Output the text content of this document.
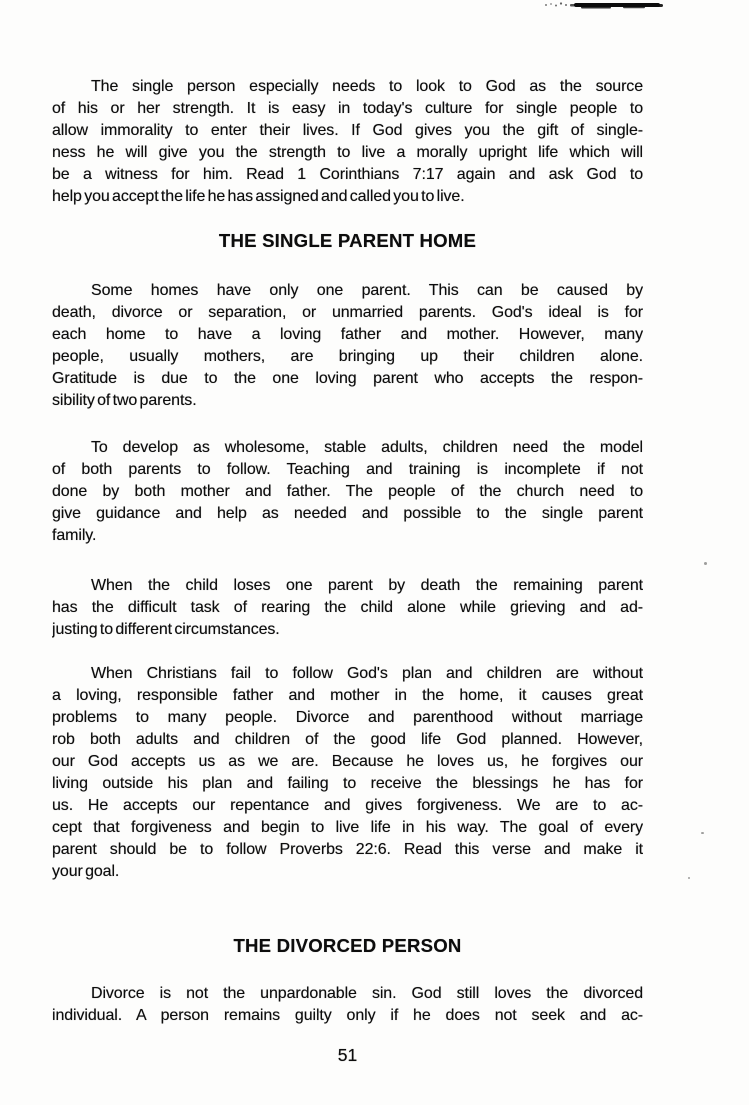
The single person especially needs to look to God as the source
of his or her strength. It is easy in today's culture for single people to
allow immorality to enter their lives. If God gives you the gift of single-
ness he will give you the strength to live a morally upright life which will
be a witness for him. Read 1 Corinthians 7:17 again and ask God to
help you accept the life he has assigned and called you to live.
THE SINGLE PARENT HOME
Some homes have only one parent. This can be caused by
death, divorce or separation, or unmarried parents. God's ideal is for
each home to have a loving father and mother. However, many
people, usually mothers, are bringing up their children alone.
Gratitude is due to the one loving parent who accepts the respon-
sibility of two parents.
To develop as wholesome, stable adults, children need the model
of both parents to follow. Teaching and training is incomplete if not
done by both mother and father. The people of the church need to
give guidance and help as needed and possible to the single parent
family.
When the child loses one parent by death the remaining parent
has the difficult task of rearing the child alone while grieving and ad-
justing to different circumstances.
When Christians fail to follow God's plan and children are without
a loving, responsible father and mother in the home, it causes great
problems to many people. Divorce and parenthood without marriage
rob both adults and children of the good life God planned. However,
our God accepts us as we are. Because he loves us, he forgives our
living outside his plan and failing to receive the blessings he has for
us. He accepts our repentance and gives forgiveness. We are to ac-
cept that forgiveness and begin to live life in his way. The goal of every
parent should be to follow Proverbs 22:6. Read this verse and make it
your goal.
THE DIVORCED PERSON
Divorce is not the unpardonable sin. God still loves the divorced
individual. A person remains guilty only if he does not seek and ac-
51
